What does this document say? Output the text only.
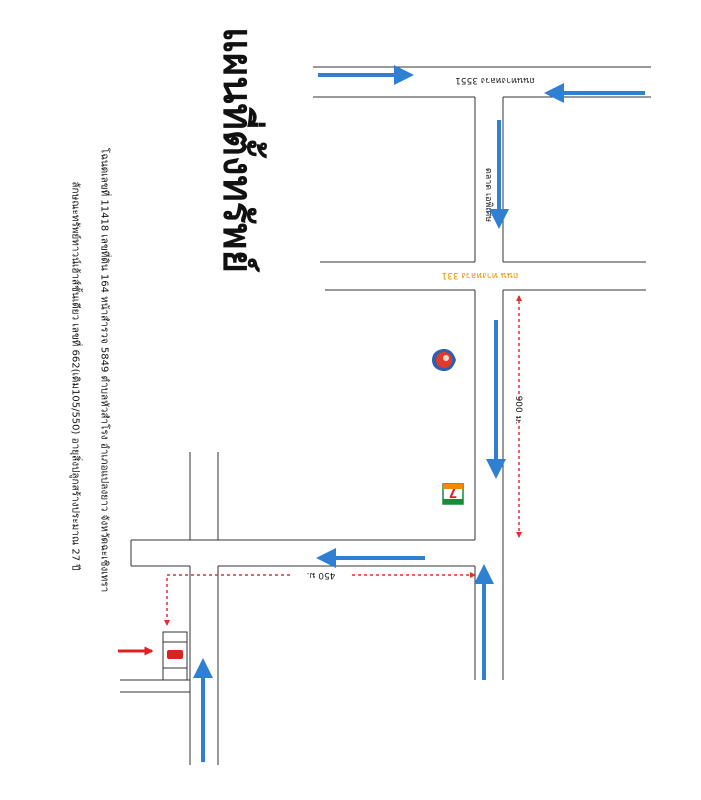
7
แผนที่ตั้งทรัพย์	ถนนทางหลวง 3551
ถนน ทางหลวง 331
ตลาด เอพิเศษ
900 ม.
450 ม.
โฉนดเลขที่ 11418 เลขที่ดิน 164 หน้าสำรวจ 5849 ตำบลหัวสำโรง อำเภอแปลงยาว จังหวัดฉะเชิงเทรา
ลักษณะทรัพย์ทาวน์เฮ้าส์ชั้นเดียว เลขที่ 662(เดิม105/550) อายุสิ่งปลูกสร้างประมาณ 27 ปี
